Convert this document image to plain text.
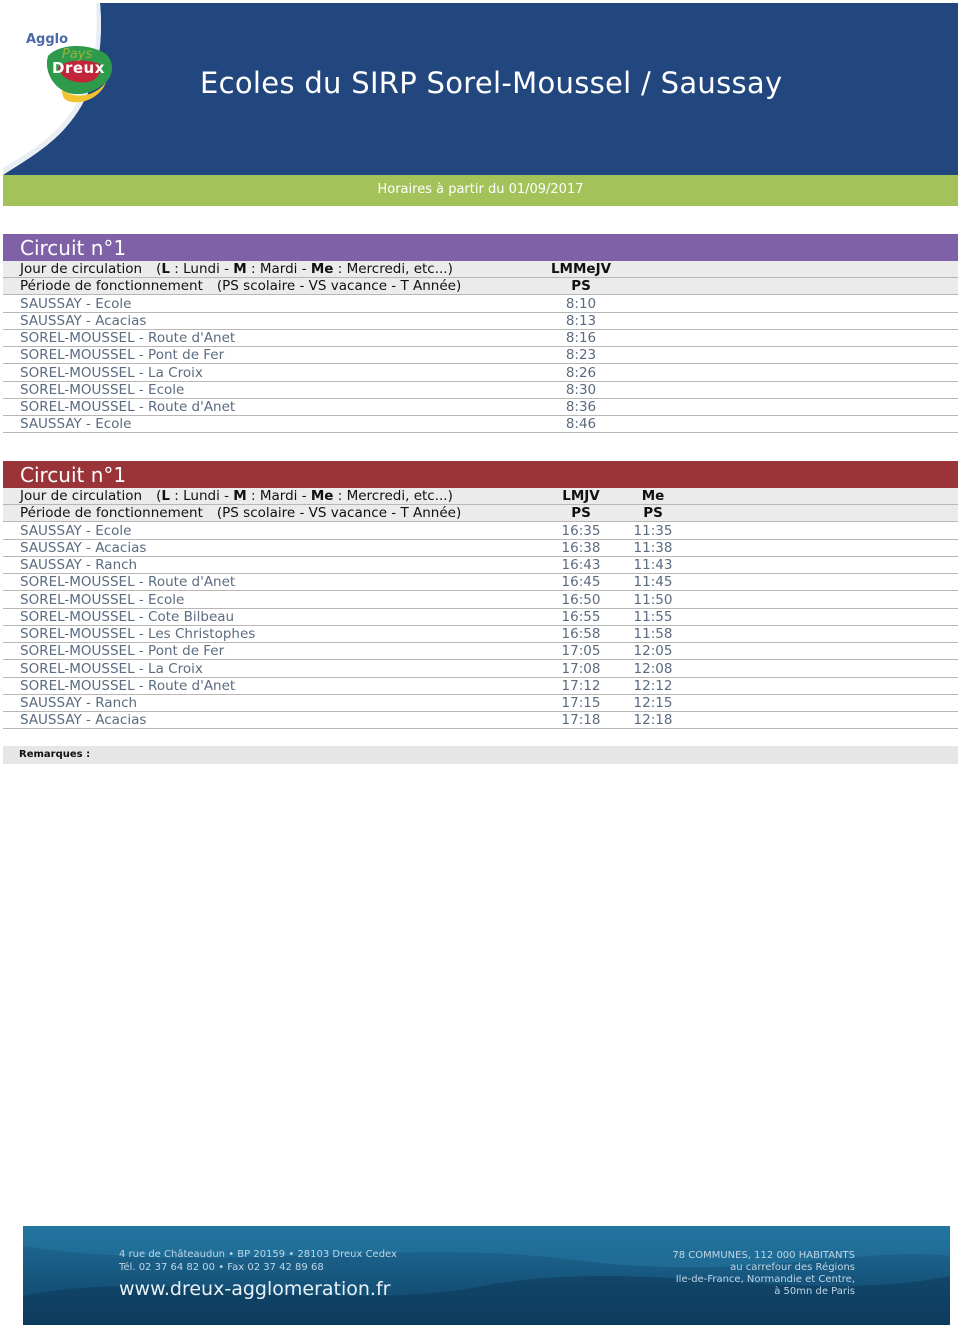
Agglo
Pays
Dreux	Ecoles du SIRP Sorel-Moussel / Saussay
Horaires à partir du 01/09/2017
Circuit n°1
Jour de circulation (L : Lundi - M : Mardi - Me : Mercredi, etc...)	LMMeJV
Période de fonctionnement (PS scolaire - VS vacance - T Année)	PS
SAUSSAY - Ecole	8:10
SAUSSAY - Acacias	8:13
SOREL-MOUSSEL - Route d'Anet	8:16
SOREL-MOUSSEL - Pont de Fer	8:23
SOREL-MOUSSEL - La Croix	8:26
SOREL-MOUSSEL - Ecole	8:30
SOREL-MOUSSEL - Route d'Anet	8:36
SAUSSAY - Ecole	8:46
Circuit n°1
Jour de circulation (L : Lundi - M : Mardi - Me : Mercredi, etc...)	LMJV	Me
Période de fonctionnement (PS scolaire - VS vacance - T Année)	PS	PS
SAUSSAY - Ecole	16:35	11:35
SAUSSAY - Acacias	16:38	11:38
SAUSSAY - Ranch	16:43	11:43
SOREL-MOUSSEL - Route d'Anet	16:45	11:45
SOREL-MOUSSEL - Ecole	16:50	11:50
SOREL-MOUSSEL - Cote Bilbeau	16:55	11:55
SOREL-MOUSSEL - Les Christophes	16:58	11:58
SOREL-MOUSSEL - Pont de Fer	17:05	12:05
SOREL-MOUSSEL - La Croix	17:08	12:08
SOREL-MOUSSEL - Route d'Anet	17:12	12:12
SAUSSAY - Ranch	17:15	12:15
SAUSSAY - Acacias	17:18	12:18
Remarques :
4 rue de Châteaudun • BP 20159 • 28103 Dreux Cedex
Tél. 02 37 64 82 00 • Fax 02 37 42 89 68
www.dreux-agglomeration.fr
78 COMMUNES, 112 000 HABITANTS
au carrefour des Régions
Ile-de-France, Normandie et Centre,
à 50mn de Paris
